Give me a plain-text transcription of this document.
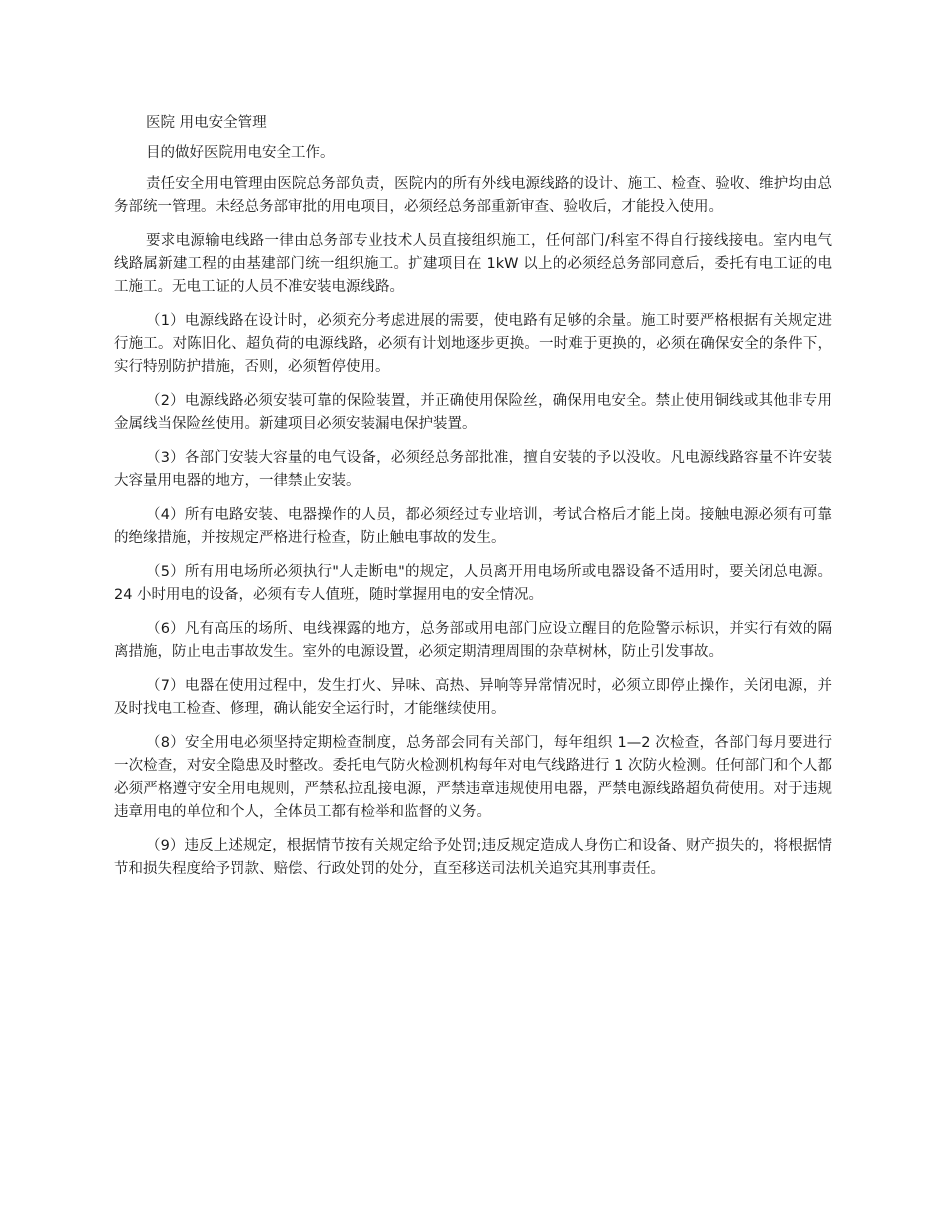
医院 用电安全管理

目的做好医院用电安全工作。

责任安全用电管理由医院总务部负责，医院内的所有外线电源线路的设计、施工、检查、验收、维护均由总务部统一管理。未经总务部审批的用电项目，必须经总务部重新审查、验收后，才能投入使用。

要求电源输电线路一律由总务部专业技术人员直接组织施工，任何部门/科室不得自行接线接电。室内电气线路属新建工程的由基建部门统一组织施工。扩建项目在 1kW 以上的必须经总务部同意后，委托有电工证的电工施工。无电工证的人员不准安装电源线路。

（1）电源线路在设计时，必须充分考虑进展的需要，使电路有足够的余量。施工时要严格根据有关规定进行施工。对陈旧化、超负荷的电源线路，必须有计划地逐步更换。一时难于更换的，必须在确保安全的条件下，实行特别防护措施，否则，必须暂停使用。

（2）电源线路必须安装可靠的保险装置，并正确使用保险丝，确保用电安全。禁止使用铜线或其他非专用金属线当保险丝使用。新建项目必须安装漏电保护装置。

（3）各部门安装大容量的电气设备，必须经总务部批准，擅自安装的予以没收。凡电源线路容量不许安装大容量用电器的地方，一律禁止安装。

（4）所有电路安装、电器操作的人员，都必须经过专业培训，考试合格后才能上岗。接触电源必须有可靠的绝缘措施，并按规定严格进行检查，防止触电事故的发生。

（5）所有用电场所必须执行"人走断电"的规定，人员离开用电场所或电器设备不适用时，要关闭总电源。24 小时用电的设备，必须有专人值班，随时掌握用电的安全情况。

（6）凡有高压的场所、电线裸露的地方，总务部或用电部门应设立醒目的危险警示标识，并实行有效的隔离措施，防止电击事故发生。室外的电源设置，必须定期清理周围的杂草树林，防止引发事故。

（7）电器在使用过程中，发生打火、异味、高热、异响等异常情况时，必须立即停止操作，关闭电源，并及时找电工检查、修理，确认能安全运行时，才能继续使用。

（8）安全用电必须坚持定期检查制度，总务部会同有关部门，每年组织 1—2 次检查，各部门每月要进行一次检查，对安全隐患及时整改。委托电气防火检测机构每年对电气线路进行 1 次防火检测。任何部门和个人都必须严格遵守安全用电规则，严禁私拉乱接电源，严禁违章违规使用电器，严禁电源线路超负荷使用。对于违规违章用电的单位和个人，全体员工都有检举和监督的义务。

（9）违反上述规定，根据情节按有关规定给予处罚;违反规定造成人身伤亡和设备、财产损失的，将根据情节和损失程度给予罚款、赔偿、行政处罚的处分，直至移送司法机关追究其刑事责任。
